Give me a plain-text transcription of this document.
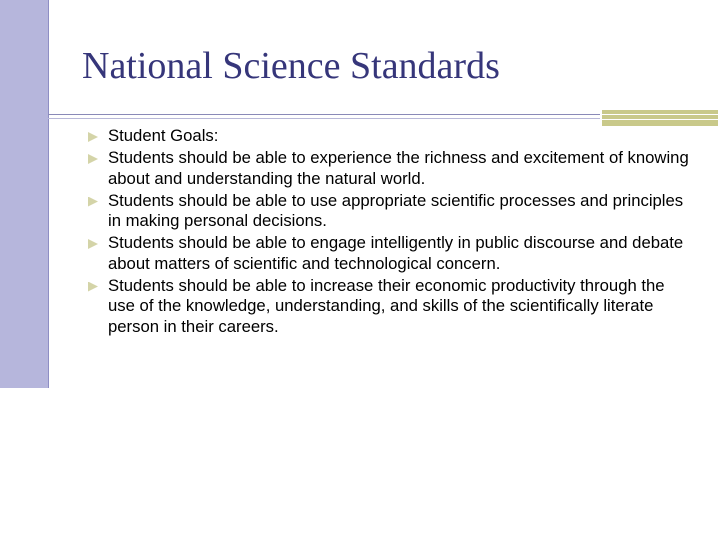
National Science Standards
Student Goals:
Students should be able to experience the richness and excitement of knowing about and understanding the natural world.
Students should be able to use appropriate scientific processes and principles in making personal decisions.
Students should be able to engage intelligently in public discourse and debate about matters of scientific and technological concern.
Students should be able to increase their economic productivity through the use of the knowledge, understanding, and skills of the scientifically literate person in their careers.
